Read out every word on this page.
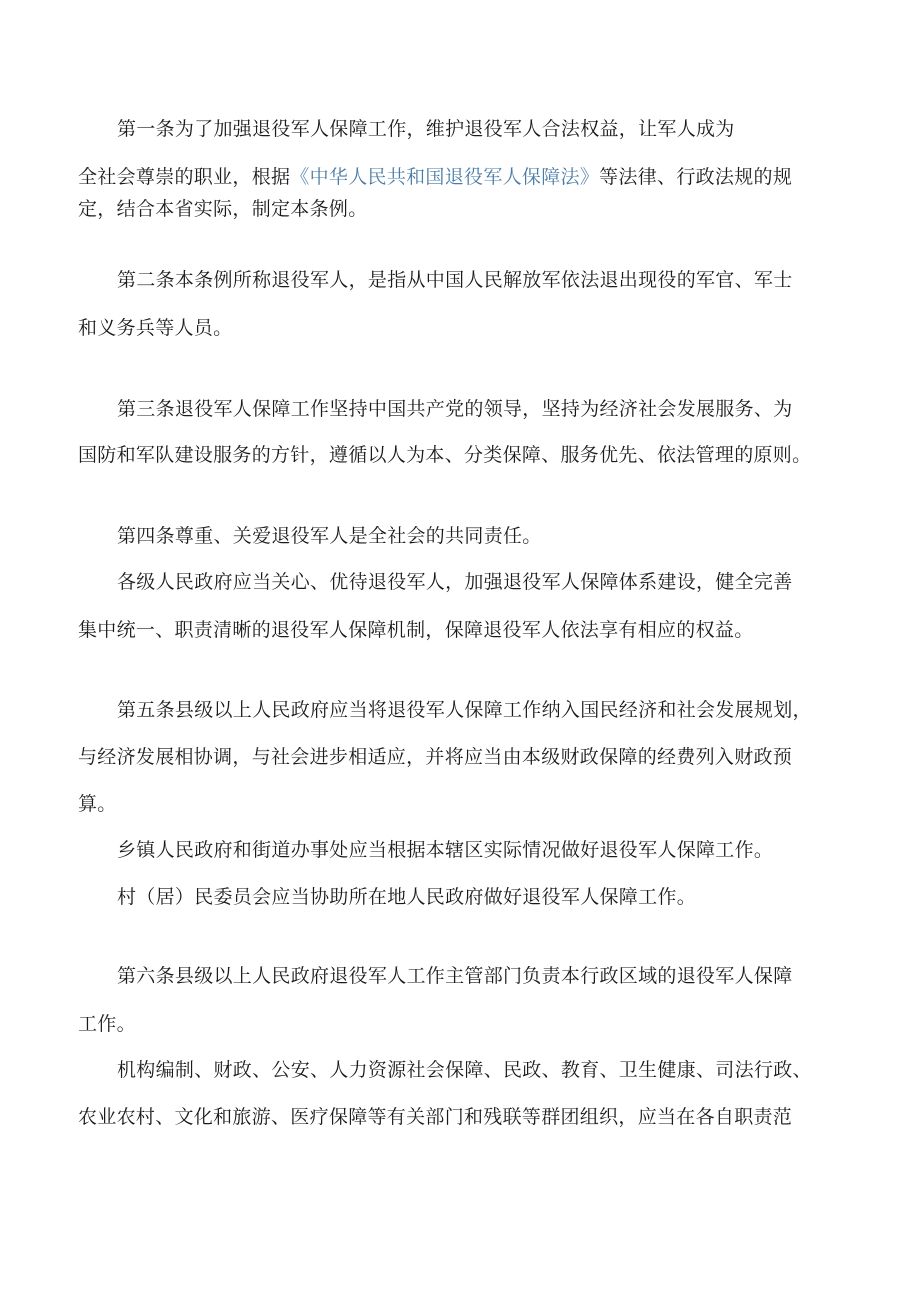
第一条为了加强退役军人保障工作，维护退役军人合法权益，让军人成为
全社会尊崇的职业，根据《中华人民共和国退役军人保障法》等法律、行政法规的规
定，结合本省实际，制定本条例。
第二条本条例所称退役军人，是指从中国人民解放军依法退出现役的军官、军士
和义务兵等人员。
第三条退役军人保障工作坚持中国共产党的领导，坚持为经济社会发展服务、为
国防和军队建设服务的方针，遵循以人为本、分类保障、服务优先、依法管理的原则。
第四条尊重、关爱退役军人是全社会的共同责任。
各级人民政府应当关心、优待退役军人，加强退役军人保障体系建设，健全完善
集中统一、职责清晰的退役军人保障机制，保障退役军人依法享有相应的权益。
第五条县级以上人民政府应当将退役军人保障工作纳入国民经济和社会发展规划，
与经济发展相协调，与社会进步相适应，并将应当由本级财政保障的经费列入财政预
算。
乡镇人民政府和街道办事处应当根据本辖区实际情况做好退役军人保障工作。
村（居）民委员会应当协助所在地人民政府做好退役军人保障工作。
第六条县级以上人民政府退役军人工作主管部门负责本行政区域的退役军人保障
工作。
机构编制、财政、公安、人力资源社会保障、民政、教育、卫生健康、司法行政、
农业农村、文化和旅游、医疗保障等有关部门和残联等群团组织，应当在各自职责范
